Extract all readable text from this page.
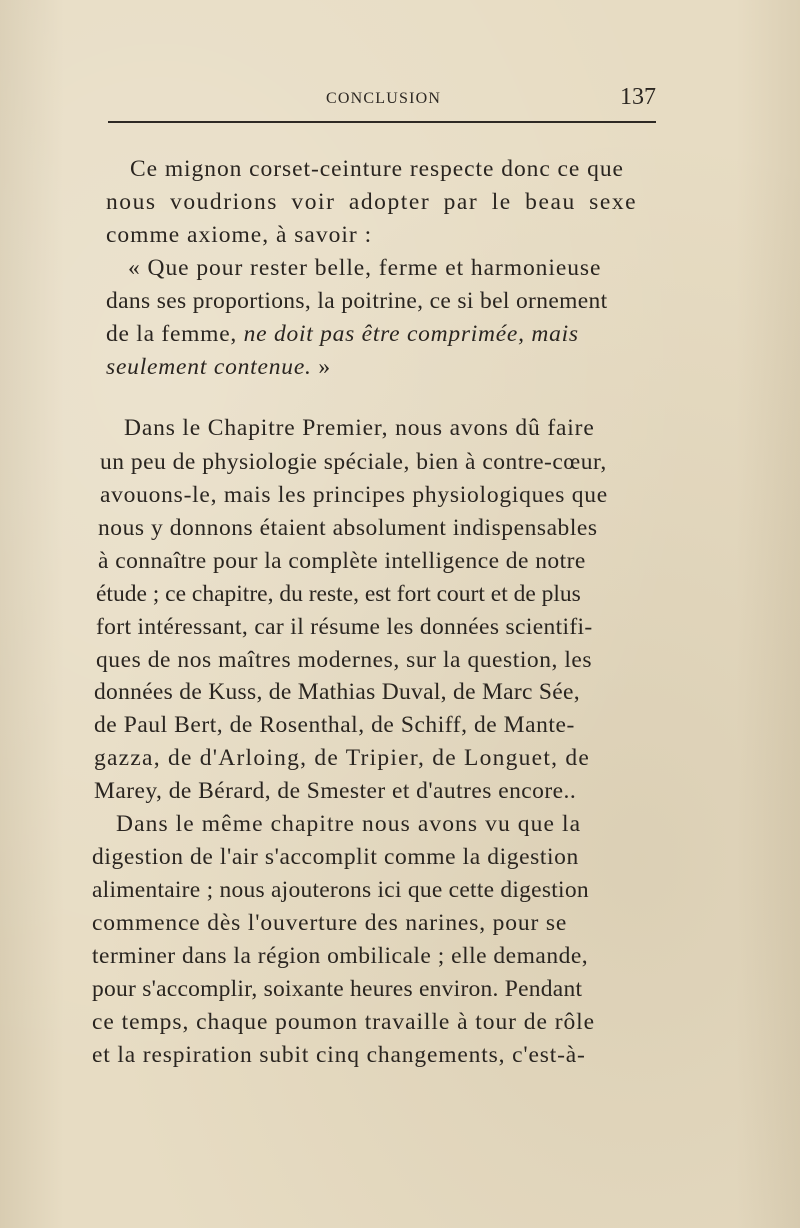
CONCLUSION	137
Ce mignon corset-ceinture respecte donc ce que
nous voudrions voir adopter par le beau sexe
comme axiome, à savoir :
« Que pour rester belle, ferme et harmonieuse
dans ses proportions, la poitrine, ce si bel ornement
de la femme, ne doit pas être comprimée, mais
seulement contenue. »
Dans le Chapitre Premier, nous avons dû faire
un peu de physiologie spéciale, bien à contre-cœur,
avouons-le, mais les principes physiologiques que
nous y donnons étaient absolument indispensables
à connaître pour la complète intelligence de notre
étude ; ce chapitre, du reste, est fort court et de plus
fort intéressant, car il résume les données scientifi-
ques de nos maîtres modernes, sur la question, les
données de Kuss, de Mathias Duval, de Marc Sée,
de Paul Bert, de Rosenthal, de Schiff, de Mante-
gazza, de d'Arloing, de Tripier, de Longuet, de
Marey, de Bérard, de Smester et d'autres encore..
Dans le même chapitre nous avons vu que la
digestion de l'air s'accomplit comme la digestion
alimentaire ; nous ajouterons ici que cette digestion
commence dès l'ouverture des narines, pour se
terminer dans la région ombilicale ; elle demande,
pour s'accomplir, soixante heures environ. Pendant
ce temps, chaque poumon travaille à tour de rôle
et la respiration subit cinq changements, c'est-à-
